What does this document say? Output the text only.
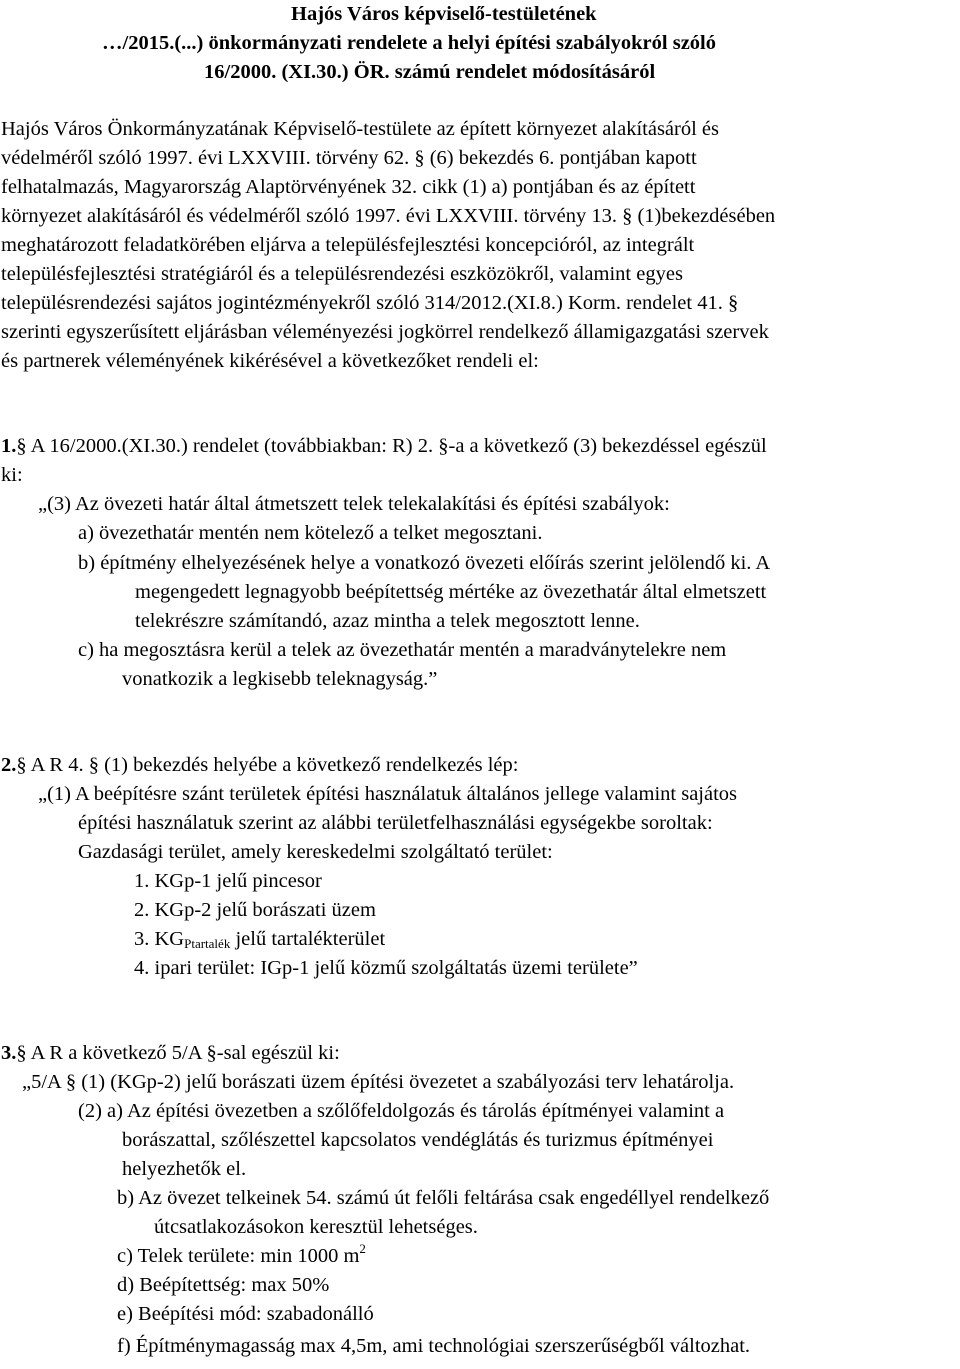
Hajós Város képviselő-testületének
…/2015.(...) önkormányzati rendelete a helyi építési szabályokról szóló
16/2000. (XI.30.) ÖR. számú rendelet módosításáról
Hajós Város Önkormányzatának Képviselő-testülete az épített környezet alakításáról és
védelméről szóló 1997. évi LXXVIII. törvény 62. § (6) bekezdés 6. pontjában kapott
felhatalmazás, Magyarország Alaptörvényének 32. cikk (1) a) pontjában és az épített
környezet alakításáról és védelméről szóló 1997. évi LXXVIII. törvény 13. § (1)bekezdésében
meghatározott feladatkörében eljárva a településfejlesztési koncepcióról, az integrált
településfejlesztési stratégiáról és a településrendezési eszközökről, valamint egyes
településrendezési sajátos jogintézményekről szóló 314/2012.(XI.8.) Korm. rendelet 41. §
szerinti egyszerűsített eljárásban véleményezési jogkörrel rendelkező államigazgatási szervek
és partnerek véleményének kikérésével a következőket rendeli el:
1.§ A 16/2000.(XI.30.) rendelet (továbbiakban: R) 2. §-a a következő (3) bekezdéssel egészül
ki:
„(3) Az övezeti határ által átmetszett telek telekalakítási és építési szabályok:
a) övezethatár mentén nem kötelező a telket megosztani.
b) építmény elhelyezésének helye a vonatkozó övezeti előírás szerint jelölendő ki. A
megengedett legnagyobb beépítettség mértéke az övezethatár által elmetszett
telekrészre számítandó, azaz mintha a telek megosztott lenne.
c) ha megosztásra kerül a telek az övezethatár mentén a maradványtelekre nem
vonatkozik a legkisebb teleknagyság.”
2.§ A R 4. § (1) bekezdés helyébe a következő rendelkezés lép:
„(1) A beépítésre szánt területek építési használatuk általános jellege valamint sajátos
építési használatuk szerint az alábbi területfelhasználási egységekbe soroltak:
Gazdasági terület, amely kereskedelmi szolgáltató terület:
1. KGp-1 jelű pincesor
2. KGp-2 jelű borászati üzem
3. $KG_{Ptartalék}$ jelű tartalékterület
4. ipari terület: IGp-1 jelű közmű szolgáltatás üzemi területe”
3.§ A R a következő 5/A §-sal egészül ki:
„5/A § (1) (KGp-2) jelű borászati üzem építési övezetet a szabályozási terv lehatárolja.
(2) a) Az építési övezetben a szőlőfeldolgozás és tárolás építményei valamint a
borászattal, szőlészettel kapcsolatos vendéglátás és turizmus építményei
helyezhetők el.
b) Az övezet telkeinek 54. számú út felőli feltárása csak engedéllyel rendelkező
útcsatlakozásokon keresztül lehetséges.
c) Telek területe: min 1000 $m^2$
d) Beépítettség: max 50%
e) Beépítési mód: szabadonálló
f) Építménymagasság max 4,5m, ami technológiai szerszerűségből változhat.
